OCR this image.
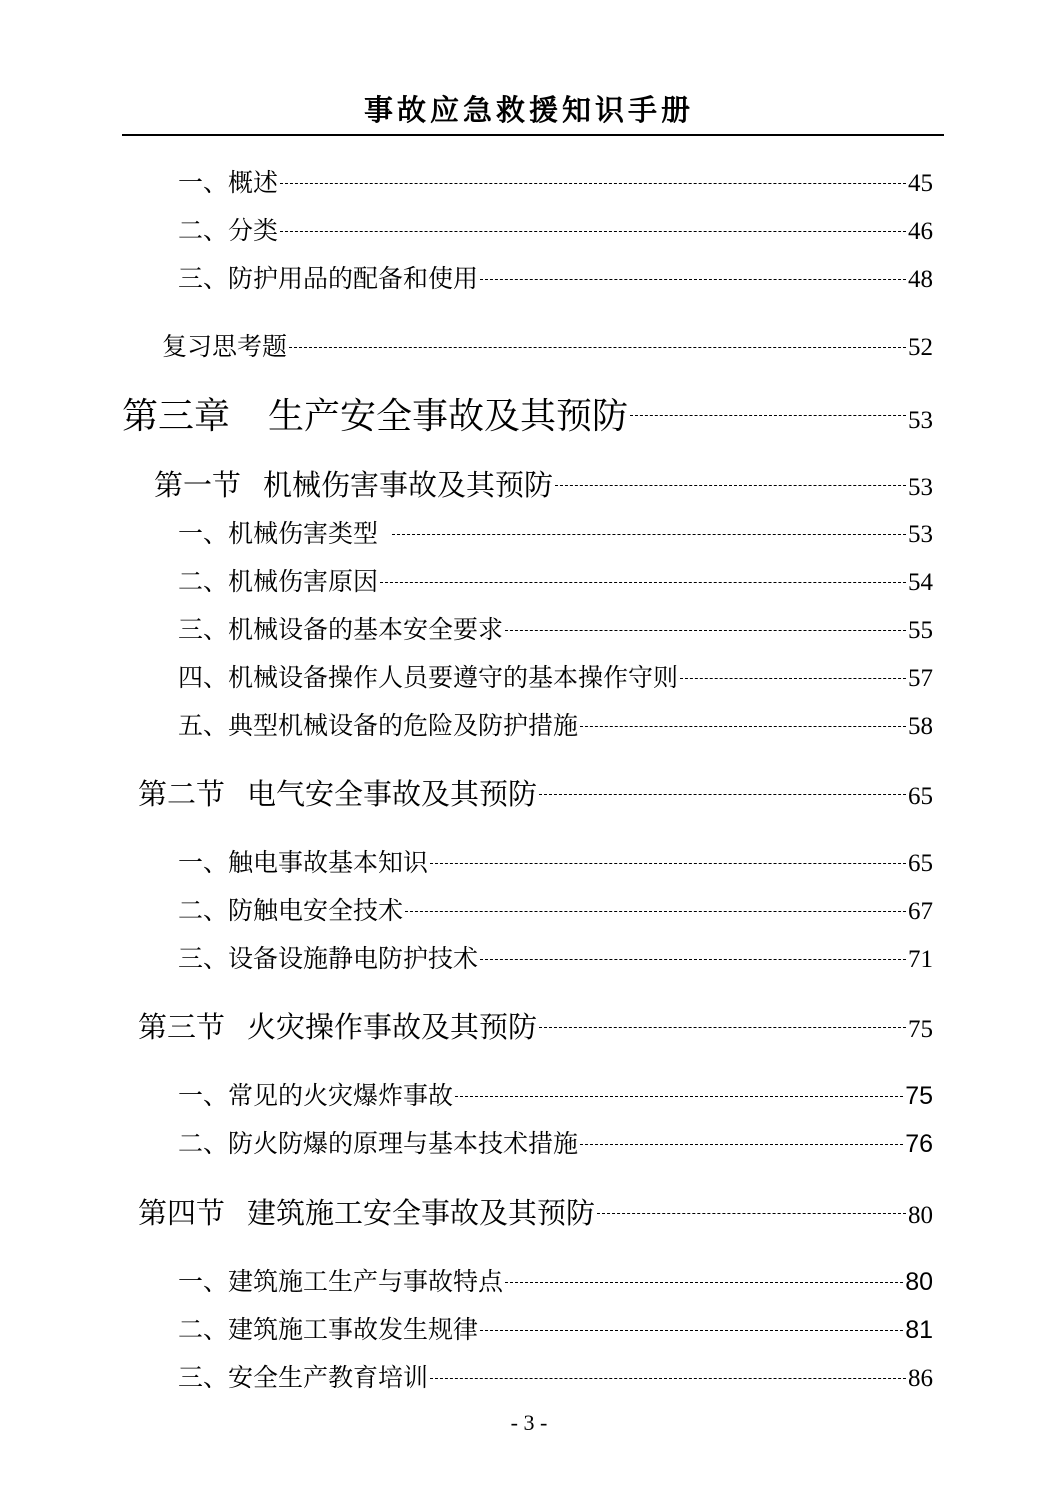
事故应急救援知识手册
一、概述	45
二、分类	46
三、防护用品的配备和使用	48
复习思考题	52
第三章 生产安全事故及其预防	53
第一节 机械伤害事故及其预防	53
一、机械伤害类型	53
二、机械伤害原因	54
三、机械设备的基本安全要求	55
四、机械设备操作人员要遵守的基本操作守则	57
五、典型机械设备的危险及防护措施	58
第二节 电气安全事故及其预防	65
一、触电事故基本知识	65
二、防触电安全技术	67
三、设备设施静电防护技术	71
第三节 火灾操作事故及其预防	75
一、常见的火灾爆炸事故	75
二、防火防爆的原理与基本技术措施	76
第四节 建筑施工安全事故及其预防	80
一、建筑施工生产与事故特点	80
二、建筑施工事故发生规律	81
三、安全生产教育培训	86
- 3 -
